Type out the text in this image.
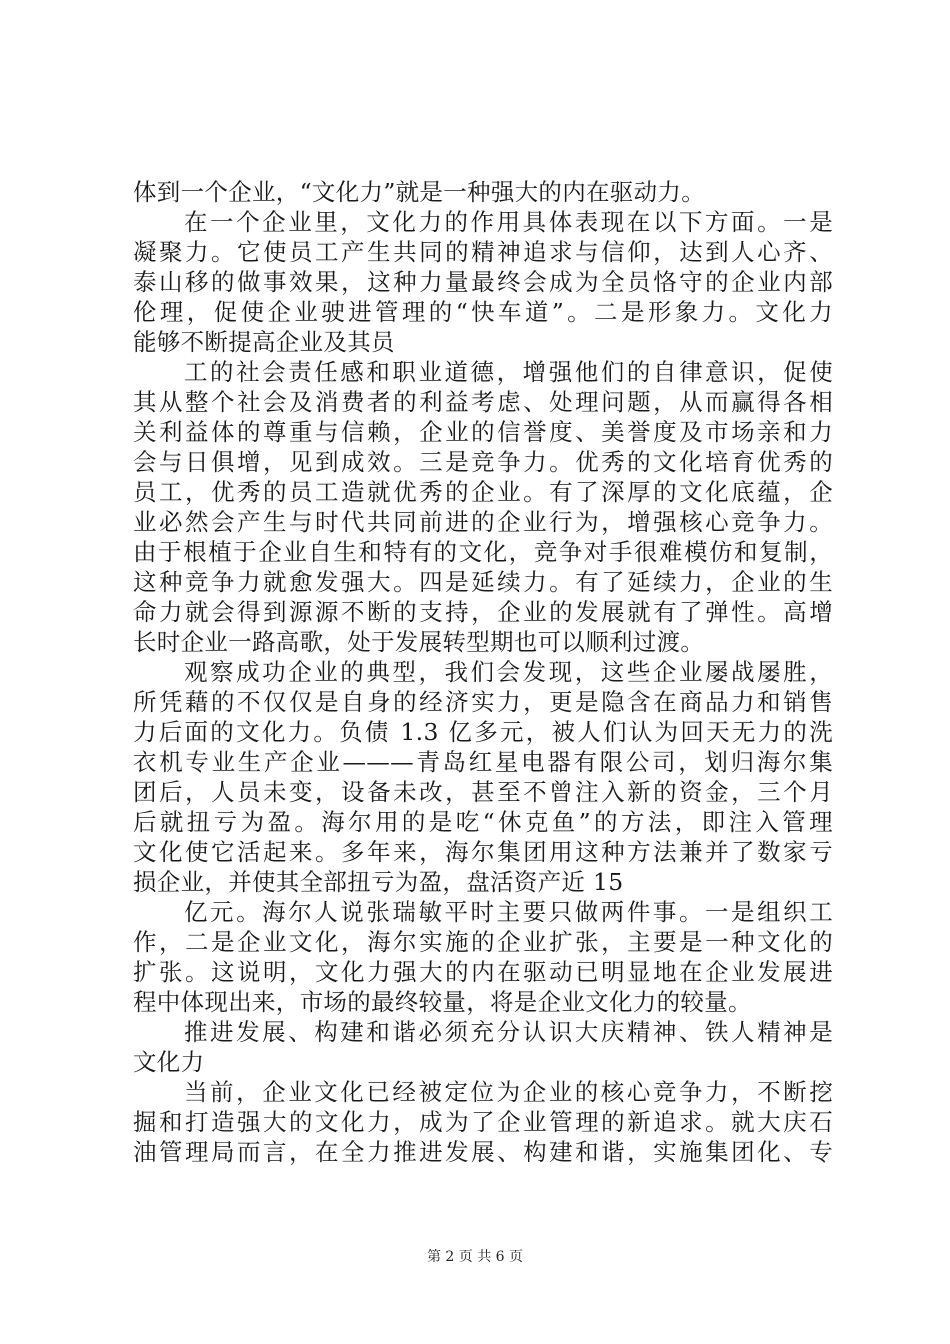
体到一个企业，“文化力”就是一种强大的内在驱动力。
在一个企业里，文化力的作用具体表现在以下方面。一是
凝聚力。它使员工产生共同的精神追求与信仰，达到人心齐、
泰山移的做事效果，这种力量最终会成为全员恪守的企业内部
伦理，促使企业驶进管理的“快车道”。二是形象力。文化力
能够不断提高企业及其员
工的社会责任感和职业道德，增强他们的自律意识，促使
其从整个社会及消费者的利益考虑、处理问题，从而赢得各相
关利益体的尊重与信赖，企业的信誉度、美誉度及市场亲和力
会与日俱增，见到成效。三是竞争力。优秀的文化培育优秀的
员工，优秀的员工造就优秀的企业。有了深厚的文化底蕴，企
业必然会产生与时代共同前进的企业行为，增强核心竞争力。
由于根植于企业自生和特有的文化，竞争对手很难模仿和复制，
这种竞争力就愈发强大。四是延续力。有了延续力，企业的生
命力就会得到源源不断的支持，企业的发展就有了弹性。高增
长时企业一路高歌，处于发展转型期也可以顺利过渡。
观察成功企业的典型，我们会发现，这些企业屡战屡胜，
所凭藉的不仅仅是自身的经济实力，更是隐含在商品力和销售
力后面的文化力。负债 1.3 亿多元，被人们认为回天无力的洗
衣机专业生产企业———青岛红星电器有限公司，划归海尔集
团后，人员未变，设备未改，甚至不曾注入新的资金，三个月
后就扭亏为盈。海尔用的是吃“休克鱼”的方法，即注入管理
文化使它活起来。多年来，海尔集团用这种方法兼并了数家亏
损企业，并使其全部扭亏为盈，盘活资产近 15
亿元。海尔人说张瑞敏平时主要只做两件事。一是组织工
作，二是企业文化，海尔实施的企业扩张，主要是一种文化的
扩张。这说明，文化力强大的内在驱动已明显地在企业发展进
程中体现出来，市场的最终较量，将是企业文化力的较量。
推进发展、构建和谐必须充分认识大庆精神、铁人精神是
文化力
当前，企业文化已经被定位为企业的核心竞争力，不断挖
掘和打造强大的文化力，成为了企业管理的新追求。就大庆石
油管理局而言，在全力推进发展、构建和谐，实施集团化、专
第 2 页 共 6 页
